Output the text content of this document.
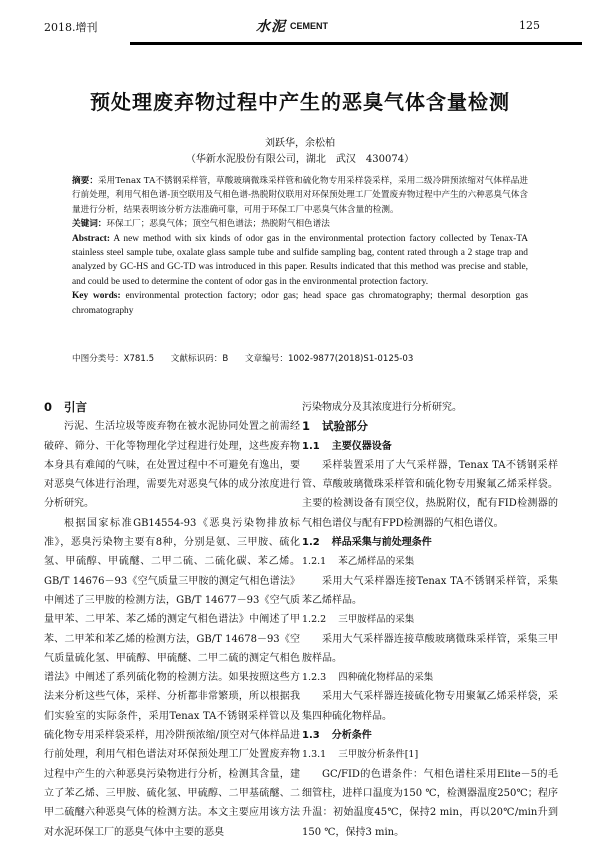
2018.增刊	水泥 CEMENT	125
预处理废弃物过程中产生的恶臭气体含量检测
刘跃华，余松柏
（华新水泥股份有限公司，湖北　武汉　430074）

摘要：采用Tenax TA不锈钢采样管，草酸玻璃微珠采样管和硫化物专用采样袋采样，采用二级冷阱预浓缩对气体样品进行前处理，利用气相色谱-顶空联用及气相色谱-热脱附仪联用对环保预处理工厂处置废弃物过程中产生的六种恶臭气体含量进行分析，结果表明该分析方法准确可靠，可用于环保工厂中恶臭气体含量的检测。

关键词：环保工厂；恶臭气体；顶空气相色谱法；热脱附气相色谱法

Abstract: A new method with six kinds of odor gas in the environmental protection factory collected by Tenax-TA stainless steel sample tube, oxalate glass sample tube and sulfide sampling bag, content rated through a 2 stage trap and analyzed by GC-HS and GC-TD was introduced in this paper. Results indicated that this method was precise and stable, and could be used to determine the content of odor gas in the environmental protection factory.

Key words: environmental protection factory; odor gas; head space gas chromatography; thermal desorption gas chromatography

中图分类号：X781.5 文献标识码：B 文章编号：1002-9877(2018)S1-0125-03

0 引言

污泥、生活垃圾等废弃物在被水泥协同处置之前需经破碎、筛分、干化等物理化学过程进行处理，这些废弃物本身具有难闻的气味，在处置过程中不可避免有逸出，要对恶臭气体进行治理，需要先对恶臭气体的成分浓度进行分析研究。

根据国家标准GB14554-93《恶臭污染物排放标准》，恶臭污染物主要有8种，分别是氨、三甲胺、硫化氢、甲硫醇、甲硫醚、二甲二硫、二硫化碳、苯乙烯。GB/T 14676－93《空气质量三甲胺的测定气相色谱法》中阐述了三甲胺的检测方法，GB/T 14677－93《空气质量甲苯、二甲苯、苯乙烯的测定气相色谱法》中阐述了甲苯、二甲苯和苯乙烯的检测方法，GB/T 14678－93《空气质量硫化氢、甲硫醇、甲硫醚、二甲二硫的测定气相色谱法》中阐述了系列硫化物的检测方法。如果按照这些方法来分析这些气体，采样、分析都非常繁琐，所以根据我们实验室的实际条件，采用Tenax TA不锈钢采样管以及硫化物专用采样袋采样，用冷阱预浓缩/顶空对气体样品进行前处理，利用气相色谱法对环保预处理工厂处置废弃物过程中产生的六种恶臭污染物进行分析，检测其含量，建立了苯乙烯、三甲胺、硫化氢、甲硫醇、二甲基硫醚、二甲二硫醚六种恶臭气体的检测方法。本文主要应用该方法对水泥环保工厂的恶臭气体中主要的恶臭

污染物成分及其浓度进行分析研究。

1 试验部分

1.1 主要仪器设备

采样装置采用了大气采样器，Tenax TA不锈钢采样管、草酸玻璃微珠采样管和硫化物专用聚氟乙烯采样袋。主要的检测设备有顶空仪，热脱附仪，配有FID检测器的气相色谱仪与配有FPD检测器的气相色谱仪。

1.2 样品采集与前处理条件

1.2.1 苯乙烯样品的采集

采用大气采样器连接Tenax TA不锈钢采样管，采集苯乙烯样品。

1.2.2 三甲胺样品的采集

采用大气采样器连接草酸玻璃微珠采样管，采集三甲胺样品。

1.2.3 四种硫化物样品的采集

采用大气采样器连接硫化物专用聚氟乙烯采样袋，采集四种硫化物样品。

1.3 分析条件

1.3.1 三甲胺分析条件[1]

GC/FID的色谱条件：气相色谱柱采用Elite－5的毛细管柱，进样口温度为150 ℃，检测器温度250℃；程序升温：初始温度45℃，保持2 min，再以20℃/min升到150 ℃，保持3 min。
